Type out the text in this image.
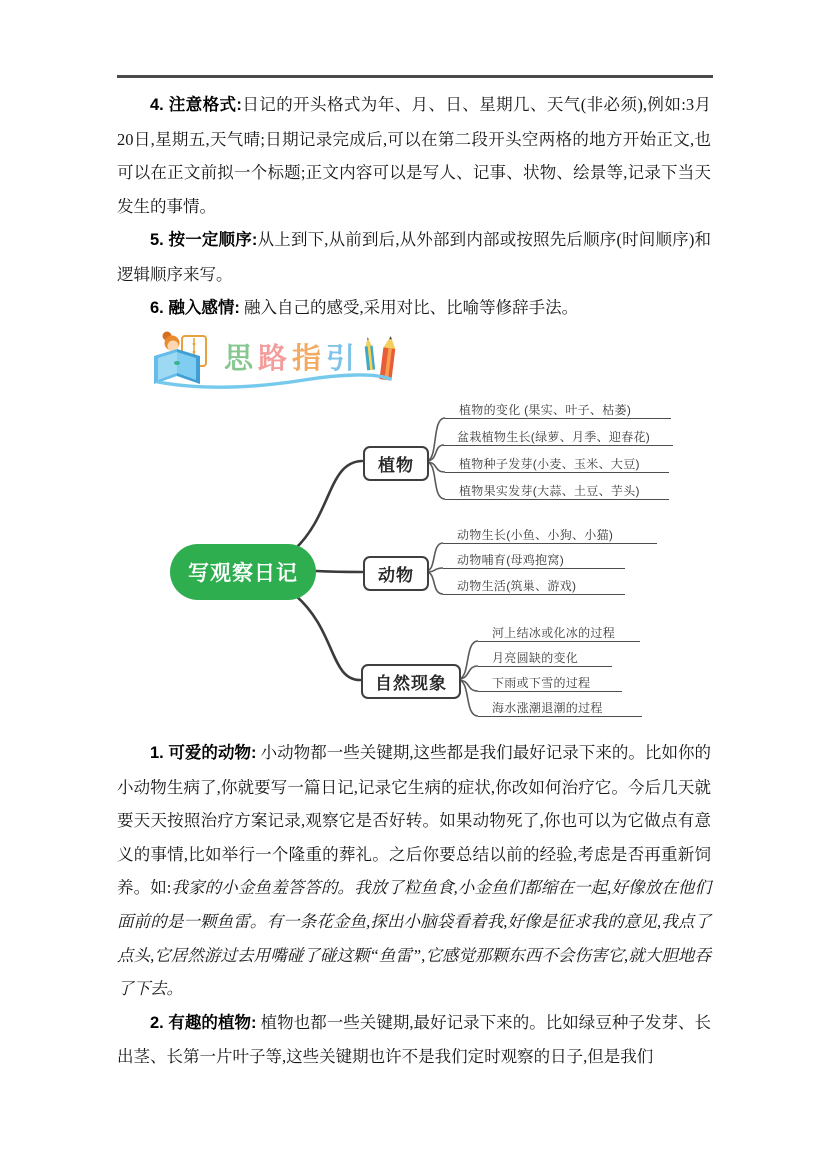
4. 注意格式:日记的开头格式为年、月、日、星期几、天气(非必须),例如:3月20日,星期五,天气晴;日期记录完成后,可以在第二段开头空两格的地方开始正文,也可以在正文前拟一个标题;正文内容可以是写人、记事、状物、绘景等,记录下当天发生的事情。

5. 按一定顺序:从上到下,从前到后,从外部到内部或按照先后顺序(时间顺序)和逻辑顺序来写。

6. 融入感情: 融入自己的感受,采用对比、比喻等修辞手法。

思路指引
写观察日记
植物
动物
自然现象
植物的变化 (果实、叶子、枯萎)
盆栽植物生长(绿萝、月季、迎春花)
植物种子发芽(小麦、玉米、大豆)
植物果实发芽(大蒜、土豆、芋头)
动物生长(小鱼、小狗、小猫)
动物哺育(母鸡抱窝)
动物生活(筑巢、游戏)
河上结冰或化冰的过程
月亮圆缺的变化
下雨或下雪的过程
海水涨潮退潮的过程

1. 可爱的动物: 小动物都一些关键期,这些都是我们最好记录下来的。比如你的小动物生病了,你就要写一篇日记,记录它生病的症状,你改如何治疗它。今后几天就要天天按照治疗方案记录,观察它是否好转。如果动物死了,你也可以为它做点有意义的事情,比如举行一个隆重的葬礼。之后你要总结以前的经验,考虑是否再重新饲养。如:我家的小金鱼羞答答的。我放了粒鱼食,小金鱼们都缩在一起,好像放在他们面前的是一颗鱼雷。有一条花金鱼,探出小脑袋看着我,好像是征求我的意见,我点了点头,它居然游过去用嘴碰了碰这颗“鱼雷”,它感觉那颗东西不会伤害它,就大胆地吞了下去。

2. 有趣的植物: 植物也都一些关键期,最好记录下来的。比如绿豆种子发芽、长出茎、长第一片叶子等,这些关键期也许不是我们定时观察的日子,但是我们
